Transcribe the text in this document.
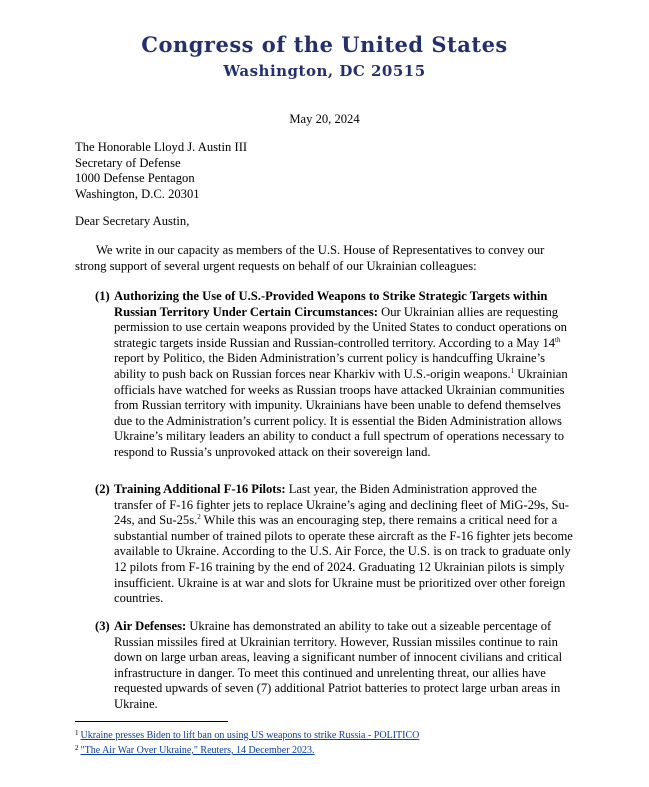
Congress of the United States
Washington, DC 20515
May 20, 2024
The Honorable Lloyd J. Austin III
Secretary of Defense
1000 Defense Pentagon
Washington, D.C. 20301
Dear Secretary Austin,
We write in our capacity as members of the U.S. House of Representatives to convey our strong support of several urgent requests on behalf of our Ukrainian colleagues:
(1) Authorizing the Use of U.S.-Provided Weapons to Strike Strategic Targets within Russian Territory Under Certain Circumstances: Our Ukrainian allies are requesting permission to use certain weapons provided by the United States to conduct operations on strategic targets inside Russian and Russian-controlled territory. According to a May 14th report by Politico, the Biden Administration’s current policy is handcuffing Ukraine’s ability to push back on Russian forces near Kharkiv with U.S.-origin weapons.$^1$ Ukrainian officials have watched for weeks as Russian troops have attacked Ukrainian communities from Russian territory with impunity. Ukrainians have been unable to defend themselves due to the Administration’s current policy. It is essential the Biden Administration allows Ukraine’s military leaders an ability to conduct a full spectrum of operations necessary to respond to Russia’s unprovoked attack on their sovereign land.
(2) Training Additional F-16 Pilots: Last year, the Biden Administration approved the transfer of F-16 fighter jets to replace Ukraine’s aging and declining fleet of MiG-29s, Su-24s, and Su-25s.$^2$ While this was an encouraging step, there remains a critical need for a substantial number of trained pilots to operate these aircraft as the F-16 fighter jets become available to Ukraine. According to the U.S. Air Force, the U.S. is on track to graduate only 12 pilots from F-16 training by the end of 2024. Graduating 12 Ukrainian pilots is simply insufficient. Ukraine is at war and slots for Ukraine must be prioritized over other foreign countries.
(3) Air Defenses: Ukraine has demonstrated an ability to take out a sizeable percentage of Russian missiles fired at Ukrainian territory. However, Russian missiles continue to rain down on large urban areas, leaving a significant number of innocent civilians and critical infrastructure in danger. To meet this continued and unrelenting threat, our allies have requested upwards of seven (7) additional Patriot batteries to protect large urban areas in Ukraine.
$^1$ Ukraine presses Biden to lift ban on using US weapons to strike Russia - POLITICO
$^2$ "The Air War Over Ukraine," Reuters, 14 December 2023.
